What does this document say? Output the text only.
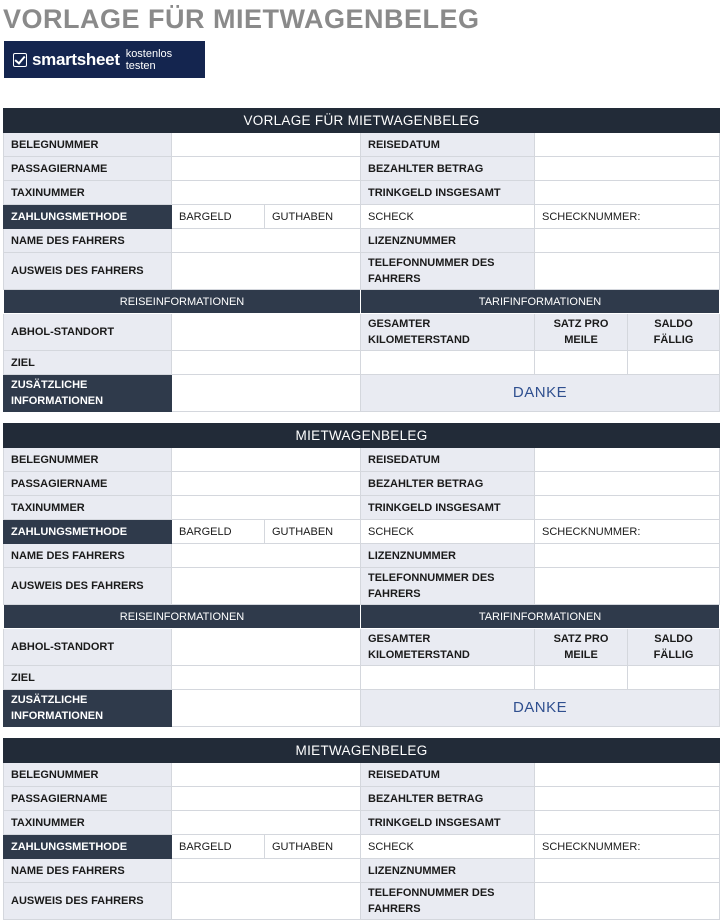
VORLAGE FÜR MIETWAGENBELEG
smartsheet kostenlos testen
VORLAGE FÜR MIETWAGENBELEG					
BELEGNUMMER			REISEDATUM		
PASSAGIERNAME			BEZAHLTER BETRAG		
TAXINUMMER			TRINKGELD INSGESAMT		
ZAHLUNGSMETHODE	BARGELD	GUTHABEN	SCHECK	SCHECKNUMMER:	
NAME DES FAHRERS			LIZENZNUMMER		
AUSWEIS DES FAHRERS			TELEFONNUMMER DES FAHRERS		
REISEINFORMATIONEN			TARIFINFORMATIONEN		
ABHOL-STANDORT			GESAMTER KILOMETERSTAND	SATZ PRO MEILE	SALDO FÄLLIG
ZIEL					
ZUSÄTZLICHE INFORMATIONEN			DANKE		
MIETWAGENBELEG					
BELEGNUMMER			REISEDATUM		
PASSAGIERNAME			BEZAHLTER BETRAG		
TAXINUMMER			TRINKGELD INSGESAMT		
ZAHLUNGSMETHODE	BARGELD	GUTHABEN	SCHECK	SCHECKNUMMER:	
NAME DES FAHRERS			LIZENZNUMMER		
AUSWEIS DES FAHRERS			TELEFONNUMMER DES FAHRERS		
REISEINFORMATIONEN			TARIFINFORMATIONEN		
ABHOL-STANDORT			GESAMTER KILOMETERSTAND	SATZ PRO MEILE	SALDO FÄLLIG
ZIEL					
ZUSÄTZLICHE INFORMATIONEN			DANKE		
MIETWAGENBELEG				
BELEGNUMMER			REISEDATUM	
PASSAGIERNAME			BEZAHLTER BETRAG	
TAXINUMMER			TRINKGELD INSGESAMT	
ZAHLUNGSMETHODE	BARGELD	GUTHABEN	SCHECK	SCHECKNUMMER:
NAME DES FAHRERS			LIZENZNUMMER	
AUSWEIS DES FAHRERS			TELEFONNUMMER DES FAHRERS	
